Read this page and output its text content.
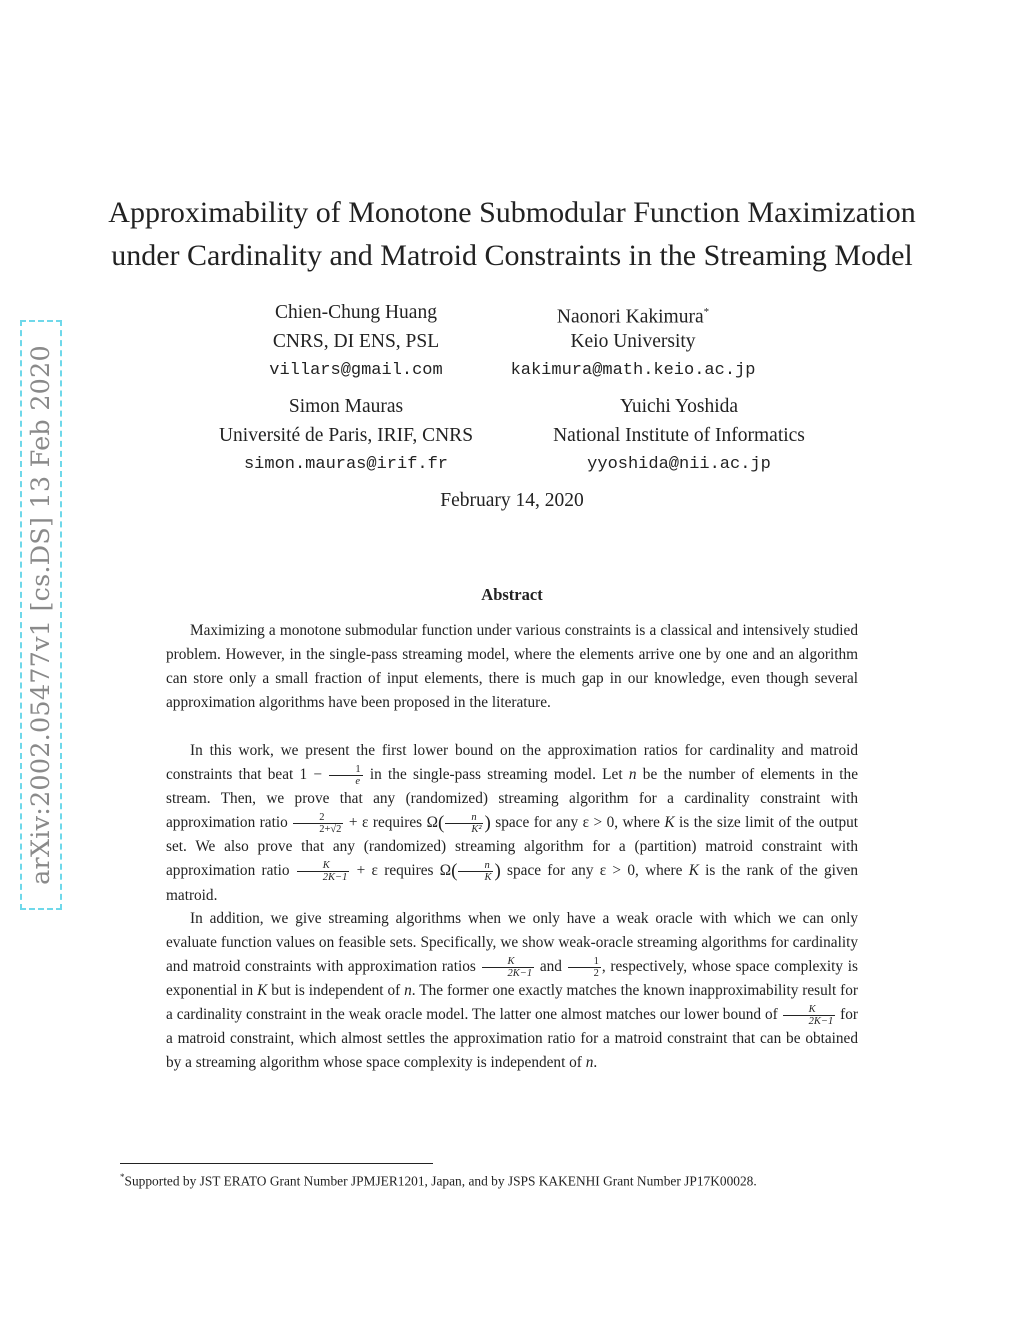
arXiv:2002.05477v1 [cs.DS] 13 Feb 2020
Approximability of Monotone Submodular Function Maximization
under Cardinality and Matroid Constraints in the Streaming Model
Chien-Chung Huang
CNRS, DI ENS, PSL
villars@gmail.com
Naonori Kakimura*
Keio University
kakimura@math.keio.ac.jp
Simon Mauras
Université de Paris, IRIF, CNRS
simon.mauras@irif.fr
Yuichi Yoshida
National Institute of Informatics
yyoshida@nii.ac.jp
February 14, 2020
Abstract

Maximizing a monotone submodular function under various constraints is a classical and intensively studied problem. However, in the single-pass streaming model, where the elements arrive one by one and an algorithm can store only a small fraction of input elements, there is much gap in our knowledge, even though several approximation algorithms have been proposed in the literature.

In this work, we present the first lower bound on the approximation ratios for cardinality and matroid constraints that beat $1 - \frac{1}{e}$ in the single-pass streaming model. Let n be the number of elements in the stream. Then, we prove that any (randomized) streaming algorithm for a cardinality constraint with approximation ratio $\frac{2}{2+√2} + \varepsilon$ requires $\Omega( \frac{n}{\text{K²}}$ ) space for any ε > 0, where K is the size limit of the output set. We also prove that any (randomized) streaming algorithm for a (partition) matroid constraint with approximation ratio $\frac{K}{2K-1} + \varepsilon$ requires $\Omega( \frac{n}{K}$ ) space for any ε > 0, where K is the rank of the given matroid.

In addition, we give streaming algorithms when we only have a weak oracle with which we can only evaluate function values on feasible sets. Specifically, we show weak-oracle streaming algorithms for cardinality and matroid constraints with approximation ratios $\frac{K}{2K-1}$ and $\frac{1}{2}$ , respectively, whose space complexity is exponential in K but is independent of n. The former one exactly matches the known inapproximability result for a cardinality constraint in the weak oracle model. The latter one almost matches our lower bound of $\frac{K}{2K-1}$ for a matroid constraint, which almost settles the approximation ratio for a matroid constraint that can be obtained by a streaming algorithm whose space complexity is independent of n.

*Supported by JST ERATO Grant Number JPMJER1201, Japan, and by JSPS KAKENHI Grant Number JP17K00028.
